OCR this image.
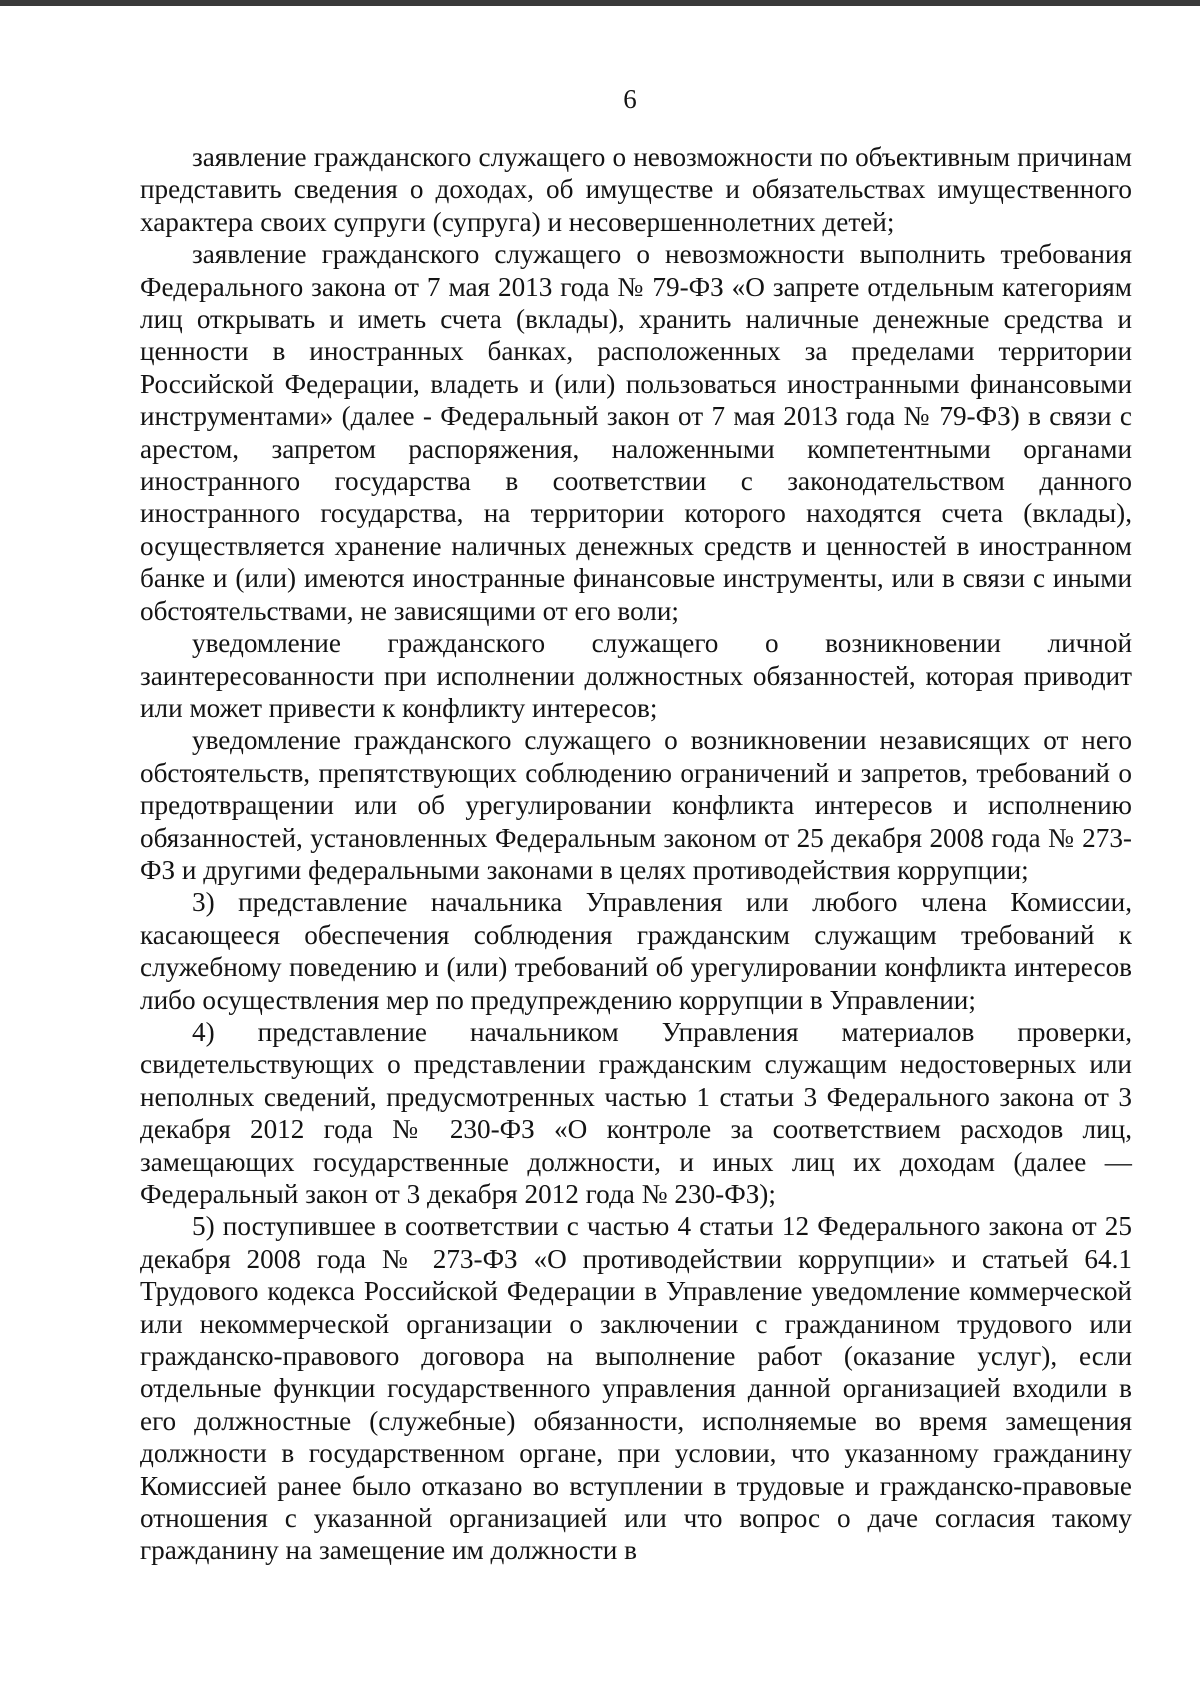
6

заявление гражданского служащего о невозможности по объективным причинам представить сведения о доходах, об имуществе и обязательствах имущественного характера своих супруги (супруга) и несовершеннолетних детей;

заявление гражданского служащего о невозможности выполнить требования Федерального закона от 7 мая 2013 года № 79-ФЗ «О запрете отдельным категориям лиц открывать и иметь счета (вклады), хранить наличные денежные средства и ценности в иностранных банках, расположенных за пределами территории Российской Федерации, владеть и (или) пользоваться иностранными финансовыми инструментами» (далее - Федеральный закон от 7 мая 2013 года № 79-ФЗ) в связи с арестом, запретом распоряжения, наложенными компетентными органами иностранного государства в соответствии с законодательством данного иностранного государства, на территории которого находятся счета (вклады), осуществляется хранение наличных денежных средств и ценностей в иностранном банке и (или) имеются иностранные финансовые инструменты, или в связи с иными обстоятельствами, не зависящими от его воли;

уведомление гражданского служащего о возникновении личной заинтересованности при исполнении должностных обязанностей, которая приводит или может привести к конфликту интересов;

уведомление гражданского служащего о возникновении независящих от него обстоятельств, препятствующих соблюдению ограничений и запретов, требований о предотвращении или об урегулировании конфликта интересов и исполнению обязанностей, установленных Федеральным законом от 25 декабря 2008 года № 273-ФЗ и другими федеральными законами в целях противодействия коррупции;

3) представление начальника Управления или любого члена Комиссии, касающееся обеспечения соблюдения гражданским служащим требований к служебному поведению и (или) требований об урегулировании конфликта интересов либо осуществления мер по предупреждению коррупции в Управлении;

4) представление начальником Управления материалов проверки, свидетельствующих о представлении гражданским служащим недостоверных или неполных сведений, предусмотренных частью 1 статьи 3 Федерального закона от 3 декабря 2012 года № 230-ФЗ «О контроле за соответствием расходов лиц, замещающих государственные должности, и иных лиц их доходам (далее — Федеральный закон от 3 декабря 2012 года № 230-ФЗ);

5) поступившее в соответствии с частью 4 статьи 12 Федерального закона от 25 декабря 2008 года № 273-ФЗ «О противодействии коррупции» и статьей 64.1 Трудового кодекса Российской Федерации в Управление уведомление коммерческой или некоммерческой организации о заключении с гражданином трудового или гражданско-правового договора на выполнение работ (оказание услуг), если отдельные функции государственного управления данной организацией входили в его должностные (служебные) обязанности, исполняемые во время замещения должности в государственном органе, при условии, что указанному гражданину Комиссией ранее было отказано во вступлении в трудовые и гражданско-правовые отношения с указанной организацией или что вопрос о даче согласия такому гражданину на замещение им должности в
